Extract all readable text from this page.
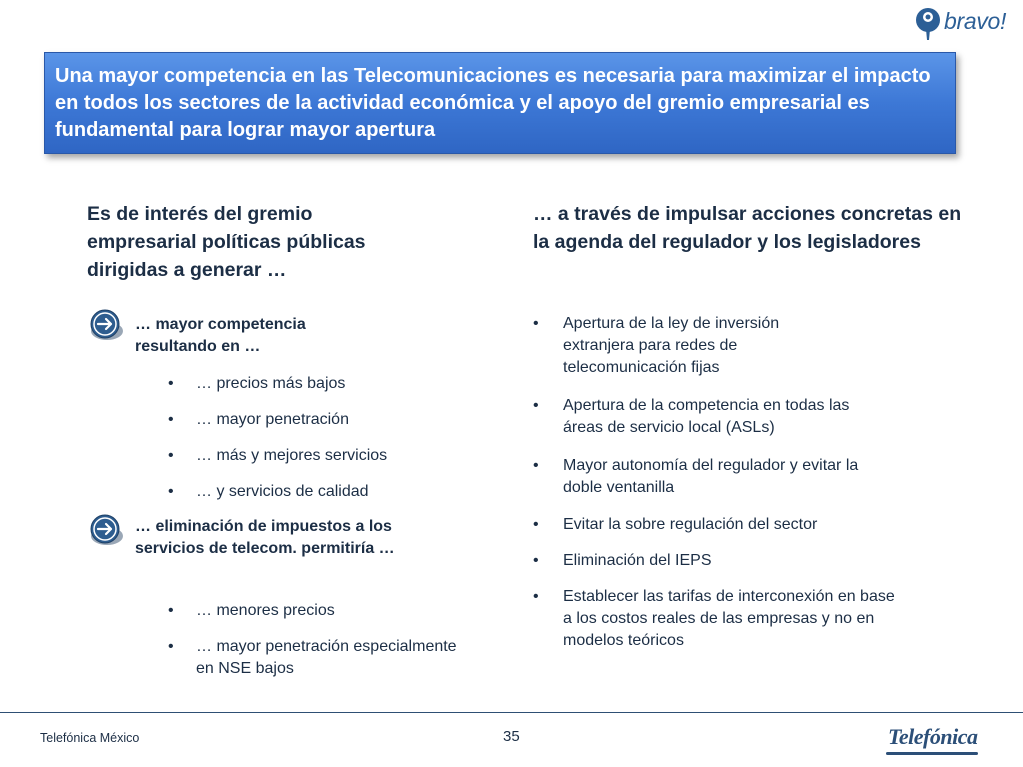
bravo!
Una mayor competencia en las Telecomunicaciones es necesaria para maximizar el impacto en todos los sectores de la actividad económica y el apoyo del gremio empresarial es fundamental para lograr mayor apertura
Es de interés del gremio empresarial políticas públicas dirigidas a generar …
… mayor competencia resultando en …
• … precios más bajos
• … mayor penetración
• … más y mejores servicios
• … y servicios de calidad
… eliminación de impuestos a los servicios de telecom. permitiría …
• … menores precios
• … mayor penetración especialmente en NSE bajos
… a través de impulsar acciones concretas en la agenda del regulador y los legisladores
• Apertura de la ley de inversión extranjera para redes de telecomunicación fijas
• Apertura de la competencia en todas las áreas de servicio local (ASLs)
• Mayor autonomía del regulador y evitar la doble ventanilla
• Evitar la sobre regulación del sector
• Eliminación del IEPS
• Establecer las tarifas de interconexión en base a los costos reales de las empresas y no en modelos teóricos
Telefónica México	35	Telefónica
